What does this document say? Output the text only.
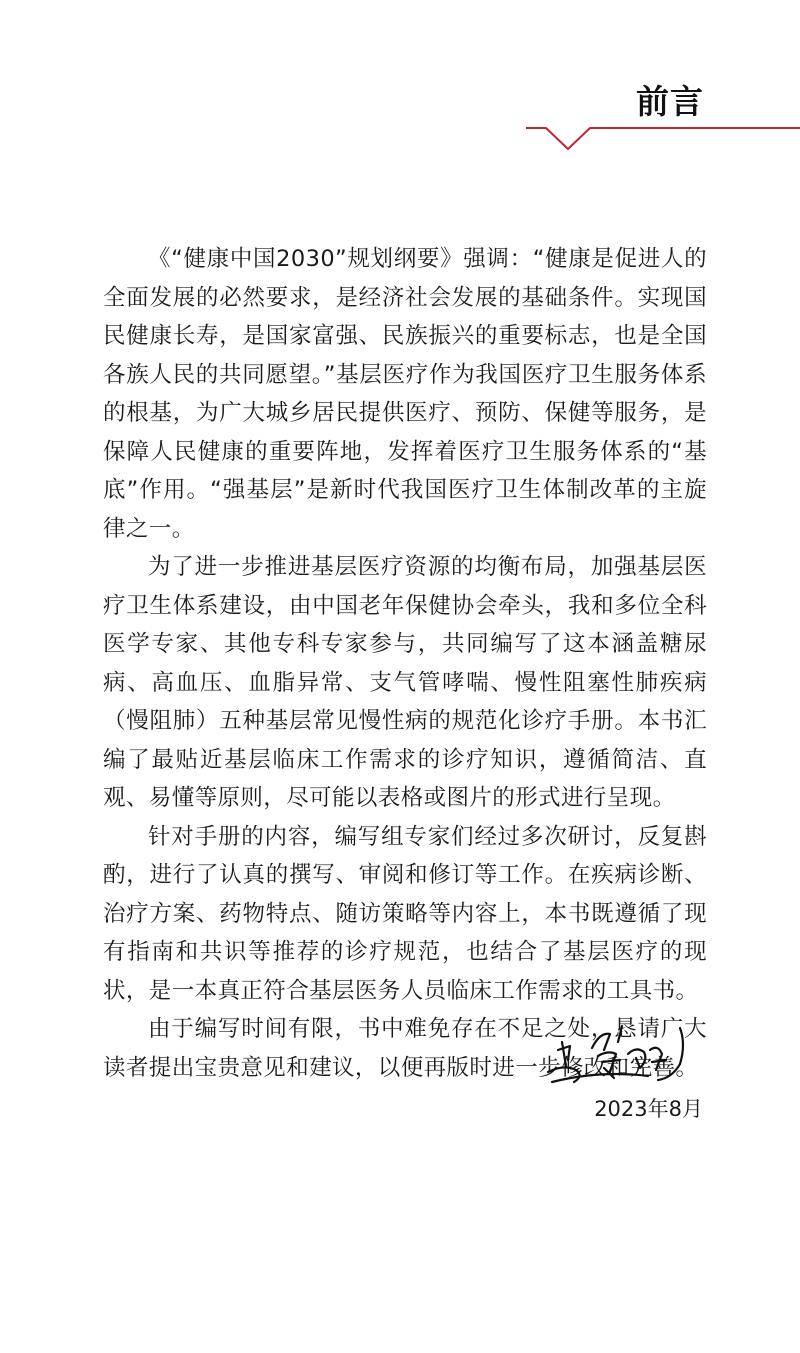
前言

《“健康中国2030”规划纲要》强调：“健康是促进人的全面发展的必然要求，是经济社会发展的基础条件。实现国民健康长寿，是国家富强、民族振兴的重要标志，也是全国各族人民的共同愿望。”基层医疗作为我国医疗卫生服务体系的根基，为广大城乡居民提供医疗、预防、保健等服务，是保障人民健康的重要阵地，发挥着医疗卫生服务体系的“基底”作用。“强基层”是新时代我国医疗卫生体制改革的主旋律之一。

为了进一步推进基层医疗资源的均衡布局，加强基层医疗卫生体系建设，由中国老年保健协会牵头，我和多位全科医学专家、其他专科专家参与，共同编写了这本涵盖糖尿病、高血压、血脂异常、支气管哮喘、慢性阻塞性肺疾病（慢阻肺）五种基层常见慢性病的规范化诊疗手册。本书汇编了最贴近基层临床工作需求的诊疗知识，遵循简洁、直观、易懂等原则，尽可能以表格或图片的形式进行呈现。

针对手册的内容，编写组专家们经过多次研讨，反复斟酌，进行了认真的撰写、审阅和修订等工作。在疾病诊断、治疗方案、药物特点、随访策略等内容上，本书既遵循了现有指南和共识等推荐的诊疗规范，也结合了基层医疗的现状，是一本真正符合基层医务人员临床工作需求的工具书。

由于编写时间有限，书中难免存在不足之处，恳请广大读者提出宝贵意见和建议，以便再版时进一步修改和完善。

2023年8月
